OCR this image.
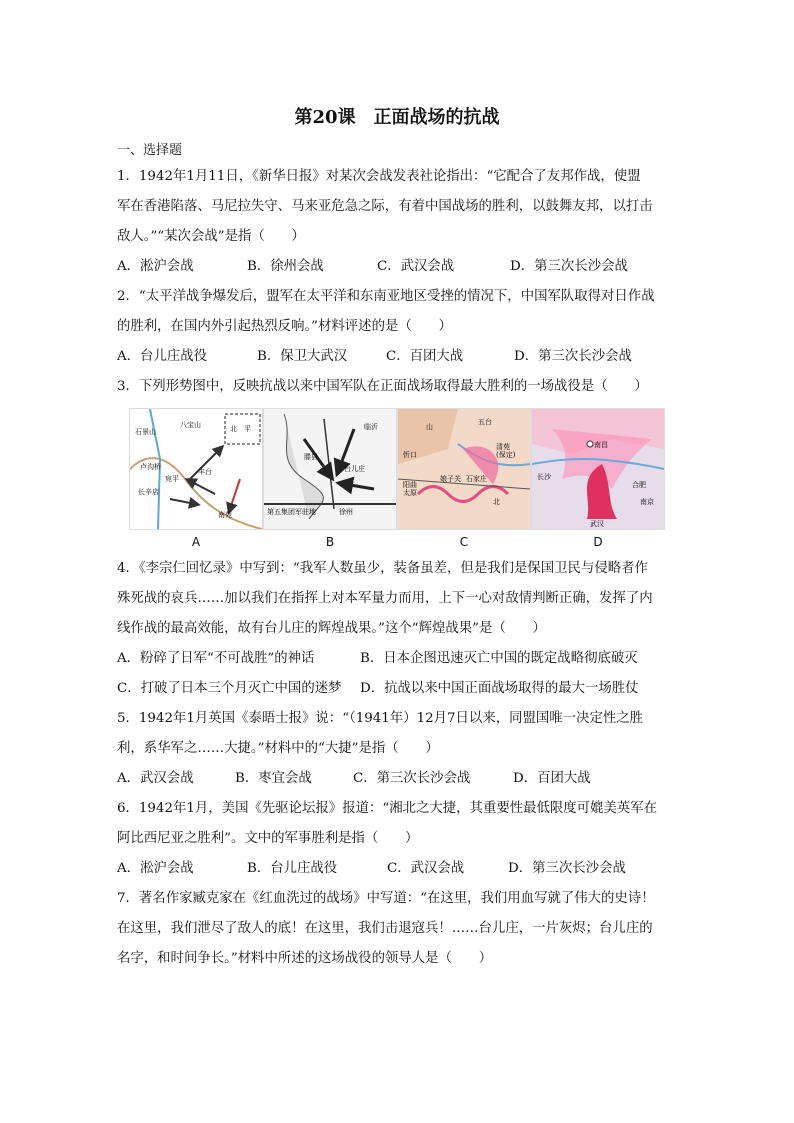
第20课　正面战场的抗战
一、选择题
1．1942年1月11日，《新华日报》对某次会战发表社论指出：“它配合了友邦作战，使盟
军在香港陷落、马尼拉失守、马来亚危急之际，有着中国战场的胜利，以鼓舞友邦，以打击
敌人。”“某次会战”是指（　　）
A．淞沪会战	B．徐州会战	C．武汉会战	D．第三次长沙会战
2．“太平洋战争爆发后，盟军在太平洋和东南亚地区受挫的情况下，中国军队取得对日作战
的胜利，在国内外引起热烈反响。”材料评述的是（　　）
A．台儿庄战役	B．保卫大武汉	C．百团大战	D．第三次长沙会战
3．下列形势图中，反映抗战以来中国军队在正面战场取得最大胜利的一场战役是（　　）
石景山
八宝山	北　平
丰台
卢沟桥
宛平
长辛店
南苑
A
临沂
滕县
台儿庄
第五集团军驻地	徐州
B
山
清苑
(保定)
忻口
阳曲
太原
娘子关 石家庄
北
五台
C
南昌
长沙
南京
合肥
武汉
D
4．《李宗仁回忆录》中写到：“我军人数虽少，装备虽差，但是我们是保国卫民与侵略者作
殊死战的哀兵……加以我们在指挥上对本军量力而用，上下一心对敌情判断正确，发挥了内
线作战的最高效能，故有台儿庄的辉煌战果。”这个“辉煌战果”是（　　）
A．粉碎了日军“不可战胜”的神话	B．日本企图迅速灭亡中国的既定战略彻底破灭
C．打破了日本三个月灭亡中国的迷梦	D．抗战以来中国正面战场取得的最大一场胜仗
5．1942年1月英国《泰晤士报》说：“（1941年）12月7日以来，同盟国唯一决定性之胜
利，系华军之……大捷。”材料中的“大捷”是指（　　）
A．武汉会战	B．枣宜会战	C．第三次长沙会战	D．百团大战
6．1942年1月，美国《先驱论坛报》报道：“湘北之大捷，其重要性最低限度可媲美英军在
阿比西尼亚之胜利”。文中的军事胜利是指（　　）
A．淞沪会战	B．台儿庄战役	C．武汉会战	D．第三次长沙会战
7．著名作家臧克家在《红血洗过的战场》中写道：“在这里，我们用血写就了伟大的史诗！
在这里，我们泄尽了敌人的底！在这里，我们击退寇兵！……台儿庄，一片灰烬；台儿庄的
名字，和时间争长。”材料中所述的这场战役的领导人是（　　）
